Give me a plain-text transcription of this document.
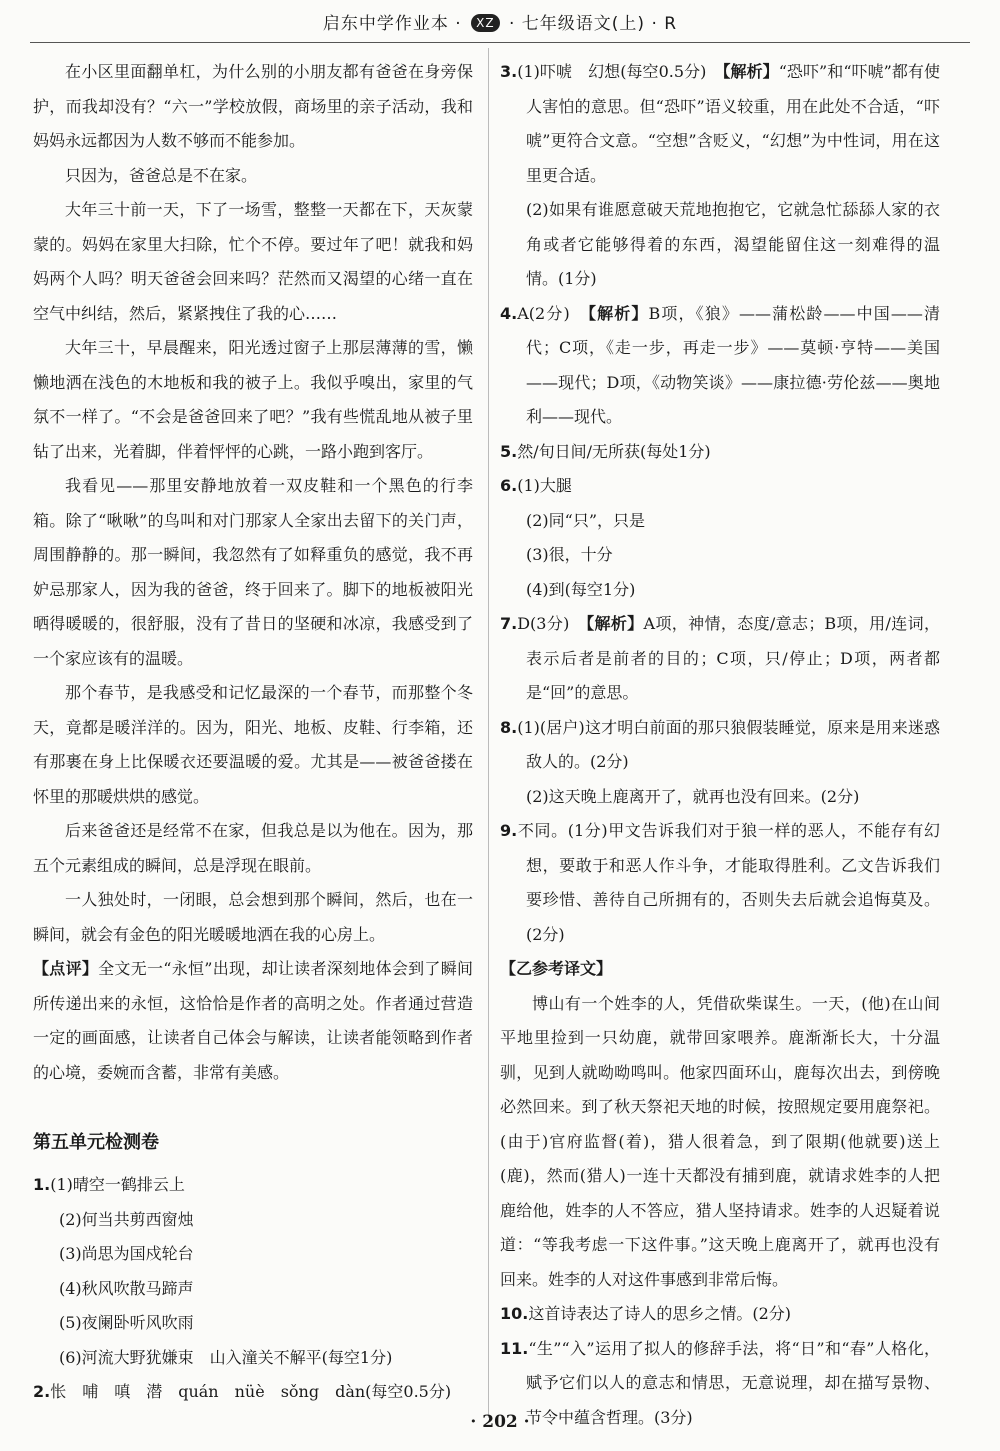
启东中学作业本 · XZ · 七年级语文(上) · R

在小区里面翻单杠，为什么别的小朋友都有爸爸在身旁保护，而我却没有？“六一”学校放假，商场里的亲子活动，我和妈妈永远都因为人数不够而不能参加。

只因为，爸爸总是不在家。

大年三十前一天，下了一场雪，整整一天都在下，天灰蒙蒙的。妈妈在家里大扫除，忙个不停。要过年了吧！就我和妈妈两个人吗？明天爸爸会回来吗？茫然而又渴望的心绪一直在空气中纠结，然后，紧紧拽住了我的心……

大年三十，早晨醒来，阳光透过窗子上那层薄薄的雪，懒懒地洒在浅色的木地板和我的被子上。我似乎嗅出，家里的气氛不一样了。“不会是爸爸回来了吧？”我有些慌乱地从被子里钻了出来，光着脚，伴着怦怦的心跳，一路小跑到客厅。

我看见——那里安静地放着一双皮鞋和一个黑色的行李箱。除了“啾啾”的鸟叫和对门那家人全家出去留下的关门声，周围静静的。那一瞬间，我忽然有了如释重负的感觉，我不再妒忌那家人，因为我的爸爸，终于回来了。脚下的地板被阳光晒得暖暖的，很舒服，没有了昔日的坚硬和冰凉，我感受到了一个家应该有的温暖。

那个春节，是我感受和记忆最深的一个春节，而那整个冬天，竟都是暖洋洋的。因为，阳光、地板、皮鞋、行李箱，还有那裹在身上比保暖衣还要温暖的爱。尤其是——被爸爸搂在怀里的那暖烘烘的感觉。

后来爸爸还是经常不在家，但我总是以为他在。因为，那五个元素组成的瞬间，总是浮现在眼前。

一人独处时，一闭眼，总会想到那个瞬间，然后，也在一瞬间，就会有金色的阳光暖暖地洒在我的心房上。

【点评】全文无一“永恒”出现，却让读者深刻地体会到了瞬间所传递出来的永恒，这恰恰是作者的高明之处。作者通过营造一定的画面感，让读者自己体会与解读，让读者能领略到作者的心境，委婉而含蓄，非常有美感。

第五单元检测卷

1.(1)晴空一鹤排云上

(2)何当共剪西窗烛

(3)尚思为国戍轮台

(4)秋风吹散马蹄声

(5)夜阑卧听风吹雨

(6)河流大野犹嫌束　山入潼关不解平(每空1分)

2.怅　哺　嗔　潜　quán　nüè　sǒng　dàn(每空0.5分)

3.(1)吓唬　幻想(每空0.5分)　【解析】“恐吓”和“吓唬”都有使人害怕的意思。但“恐吓”语义较重，用在此处不合适，“吓唬”更符合文意。“空想”含贬义，“幻想”为中性词，用在这里更合适。

(2)如果有谁愿意破天荒地抱抱它，它就急忙舔舔人家的衣角或者它能够得着的东西，渴望能留住这一刻难得的温情。(1分)

4.A(2分)　【解析】B项，《狼》——蒲松龄——中国——清代；C项，《走一步，再走一步》——莫顿·亨特——美国——现代；D项，《动物笑谈》——康拉德·劳伦兹——奥地利——现代。

5.然/旬日间/无所获(每处1分)

6.(1)大腿

(2)同“只”，只是

(3)很，十分

(4)到(每空1分)

7.D(3分)　【解析】A项，神情，态度/意志；B项，用/连词，表示后者是前者的目的；C项，只/停止；D项，两者都是“回”的意思。

8.(1)(居户)这才明白前面的那只狼假装睡觉，原来是用来迷惑敌人的。(2分)

(2)这天晚上鹿离开了，就再也没有回来。(2分)

9.不同。(1分)甲文告诉我们对于狼一样的恶人，不能存有幻想，要敢于和恶人作斗争，才能取得胜利。乙文告诉我们要珍惜、善待自己所拥有的，否则失去后就会追悔莫及。(2分)

【乙参考译文】

博山有一个姓李的人，凭借砍柴谋生。一天，(他)在山间平地里捡到一只幼鹿，就带回家喂养。鹿渐渐长大，十分温驯，见到人就呦呦鸣叫。他家四面环山，鹿每次出去，到傍晚必然回来。到了秋天祭祀天地的时候，按照规定要用鹿祭祀。(由于)官府监督(着)，猎人很着急，到了限期(他就要)送上(鹿)，然而(猎人)一连十天都没有捕到鹿，就请求姓李的人把鹿给他，姓李的人不答应，猎人坚持请求。姓李的人迟疑着说道：“等我考虑一下这件事。”这天晚上鹿离开了，就再也没有回来。姓李的人对这件事感到非常后悔。

10.这首诗表达了诗人的思乡之情。(2分)

11.“生”“入”运用了拟人的修辞手法，将“日”和“春”人格化，赋予它们以人的意志和情思，无意说理，却在描写景物、节令中蕴含哲理。(3分)

· 202 ·
